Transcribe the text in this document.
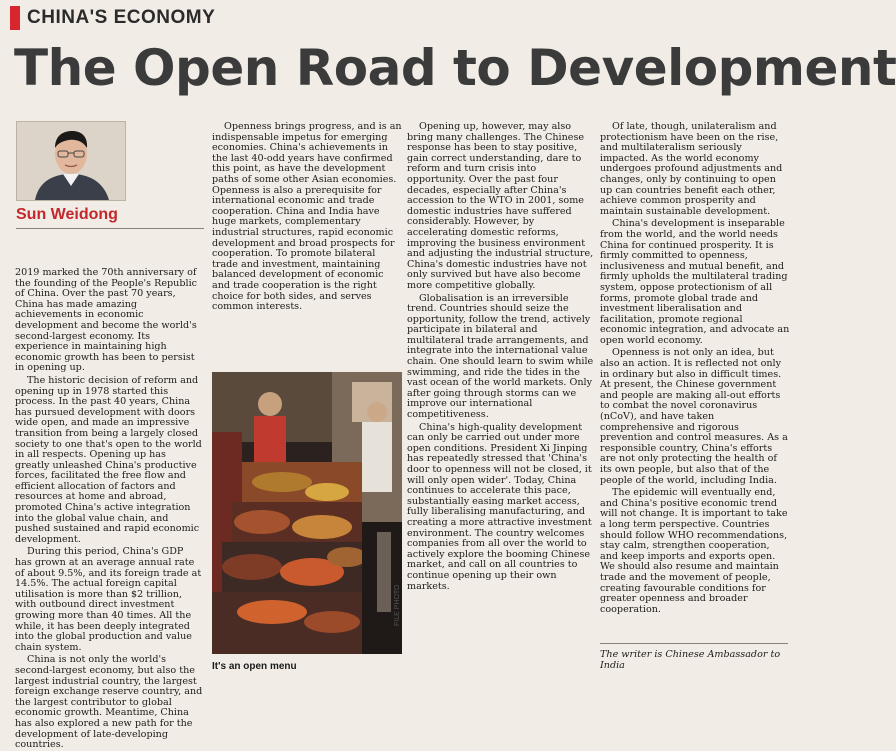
CHINA'S ECONOMY
The Open Road to Development

Sun Weidong

2019 marked the 70th anniversary of the founding of the People's Republic of China. Over the past 70 years, China has made amazing achievements in economic development and become the world's second-largest economy. Its experience in maintaining high economic growth has been to persist in opening up.

The historic decision of reform and opening up in 1978 started this process. In the past 40 years, China has pursued development with doors wide open, and made an impressive transition from being a largely closed society to one that's open to the world in all respects. Opening up has greatly unleashed China's productive forces, facilitated the free flow and efficient allocation of factors and resources at home and abroad, promoted China's active integration into the global value chain, and pushed sustained and rapid economic development.

During this period, China's GDP has grown at an average annual rate of about 9.5%, and its foreign trade at 14.5%. The actual foreign capital utilisation is more than $2 trillion, with outbound direct investment growing more than 40 times. All the while, it has been deeply integrated into the global production and value chain system.

China is not only the world's second-largest economy, but also the largest industrial country, the largest foreign exchange reserve country, and the largest contributor to global economic growth. Meantime, China has also explored a new path for the development of late-developing countries.

Openness brings progress, and is an indispensable impetus for emerging economies. China's achievements in the last 40-odd years have confirmed this point, as have the development paths of some other Asian economies. Openness is also a prerequisite for international economic and trade cooperation. China and India have huge markets, complementary industrial structures, rapid economic development and broad prospects for cooperation. To promote bilateral trade and investment, maintaining balanced development of economic and trade cooperation is the right choice for both sides, and serves common interests.

Opening up, however, may also bring many challenges. The Chinese response has been to stay positive, gain correct understanding, dare to reform and turn crisis into opportunity. Over the past four decades, especially after China's accession to the WTO in 2001, some domestic industries have suffered considerably. However, by accelerating domestic reforms, improving the business environment and adjusting the industrial structure, China's domestic industries have not only survived but have also become more competitive globally.

Globalisation is an irreversible trend. Countries should seize the opportunity, follow the trend, actively participate in bilateral and multilateral trade arrangements, and integrate into the international value chain. One should learn to swim while swimming, and ride the tides in the vast ocean of the world markets. Only after going through storms can we improve our international competitiveness.

China's high-quality development can only be carried out under more open conditions. President Xi Jinping has repeatedly stressed that 'China's door to openness will not be closed, it will only open wider'. Today, China continues to accelerate this pace, substantially easing market access, fully liberalising manufacturing, and creating a more attractive investment environment. The country welcomes companies from all over the world to actively explore the booming Chinese market, and call on all countries to continue opening up their own markets.

Of late, though, unilateralism and protectionism have been on the rise, and multilateralism seriously impacted. As the world economy undergoes profound adjustments and changes, only by continuing to open up can countries benefit each other, achieve common prosperity and maintain sustainable development.

China's development is inseparable from the world, and the world needs China for continued prosperity. It is firmly committed to openness, inclusiveness and mutual benefit, and firmly upholds the multilateral trading system, oppose protectionism of all forms, promote global trade and investment liberalisation and facilitation, promote regional economic integration, and advocate an open world economy.

Openness is not only an idea, but also an action. It is reflected not only in ordinary but also in difficult times. At present, the Chinese government and people are making all-out efforts to combat the novel coronavirus (nCoV), and have taken comprehensive and rigorous prevention and control measures. As a responsible country, China's efforts are not only protecting the health of its own people, but also that of the people of the world, including India.

The epidemic will eventually end, and China's positive economic trend will not change. It is important to take a long term perspective. Countries should follow WHO recommendations, stay calm, strengthen cooperation, and keep imports and exports open. We should also resume and maintain trade and the movement of people, creating favourable conditions for greater openness and broader cooperation.

It's an open menu

FILE PHOTO

The writer is Chinese Ambassador to India
